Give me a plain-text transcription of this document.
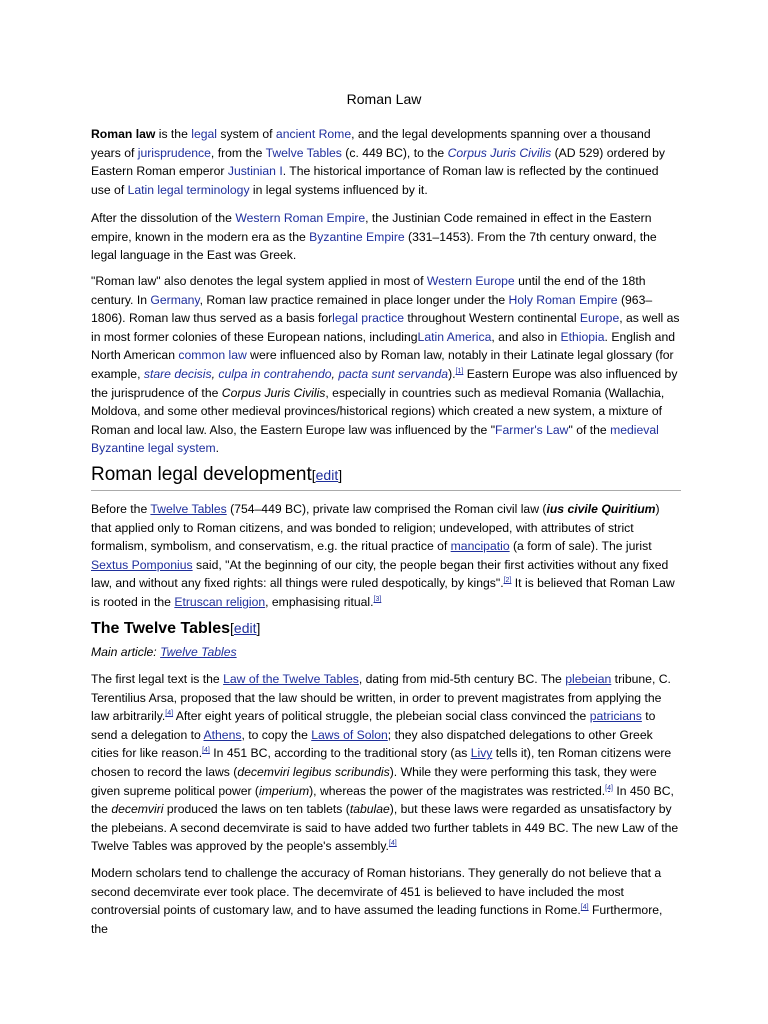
Roman Law

Roman law is the legal system of ancient Rome, and the legal developments spanning over a thousand years of jurisprudence, from the Twelve Tables (c. 449 BC), to the Corpus Juris Civilis (AD 529) ordered by Eastern Roman emperor Justinian I. The historical importance of Roman law is reflected by the continued use of Latin legal terminology in legal systems influenced by it.

After the dissolution of the Western Roman Empire, the Justinian Code remained in effect in the Eastern empire, known in the modern era as the Byzantine Empire (331–1453). From the 7th century onward, the legal language in the East was Greek.

"Roman law" also denotes the legal system applied in most of Western Europe until the end of the 18th century. In Germany, Roman law practice remained in place longer under the Holy Roman Empire (963–1806). Roman law thus served as a basis forlegal practice throughout Western continental Europe, as well as in most former colonies of these European nations, includingLatin America, and also in Ethiopia. English and North American common law were influenced also by Roman law, notably in their Latinate legal glossary (for example, stare decisis, culpa in contrahendo, pacta sunt servanda).[1] Eastern Europe was also influenced by the jurisprudence of the Corpus Juris Civilis, especially in countries such as medieval Romania (Wallachia, Moldova, and some other medieval provinces/historical regions) which created a new system, a mixture of Roman and local law. Also, the Eastern Europe law was influenced by the "Farmer's Law" of the medieval Byzantine legal system.

Roman legal development[edit]

Before the Twelve Tables (754–449 BC), private law comprised the Roman civil law (ius civile Quiritium) that applied only to Roman citizens, and was bonded to religion; undeveloped, with attributes of strict formalism, symbolism, and conservatism, e.g. the ritual practice of mancipatio (a form of sale). The jurist Sextus Pomponius said, "At the beginning of our city, the people began their first activities without any fixed law, and without any fixed rights: all things were ruled despotically, by kings".[2] It is believed that Roman Law is rooted in the Etruscan religion, emphasising ritual.[3]

The Twelve Tables[edit]
Main article: Twelve Tables

The first legal text is the Law of the Twelve Tables, dating from mid-5th century BC. The plebeian tribune, C. Terentilius Arsa, proposed that the law should be written, in order to prevent magistrates from applying the law arbitrarily.[4] After eight years of political struggle, the plebeian social class convinced the patricians to send a delegation to Athens, to copy the Laws of Solon; they also dispatched delegations to other Greek cities for like reason.[4] In 451 BC, according to the traditional story (as Livy tells it), ten Roman citizens were chosen to record the laws (decemviri legibus scribundis). While they were performing this task, they were given supreme political power (imperium), whereas the power of the magistrates was restricted.[4] In 450 BC, the decemviri produced the laws on ten tablets (tabulae), but these laws were regarded as unsatisfactory by the plebeians. A second decemvirate is said to have added two further tablets in 449 BC. The new Law of the Twelve Tables was approved by the people's assembly.[4]

Modern scholars tend to challenge the accuracy of Roman historians. They generally do not believe that a second decemvirate ever took place. The decemvirate of 451 is believed to have included the most controversial points of customary law, and to have assumed the leading functions in Rome.[4] Furthermore, the
